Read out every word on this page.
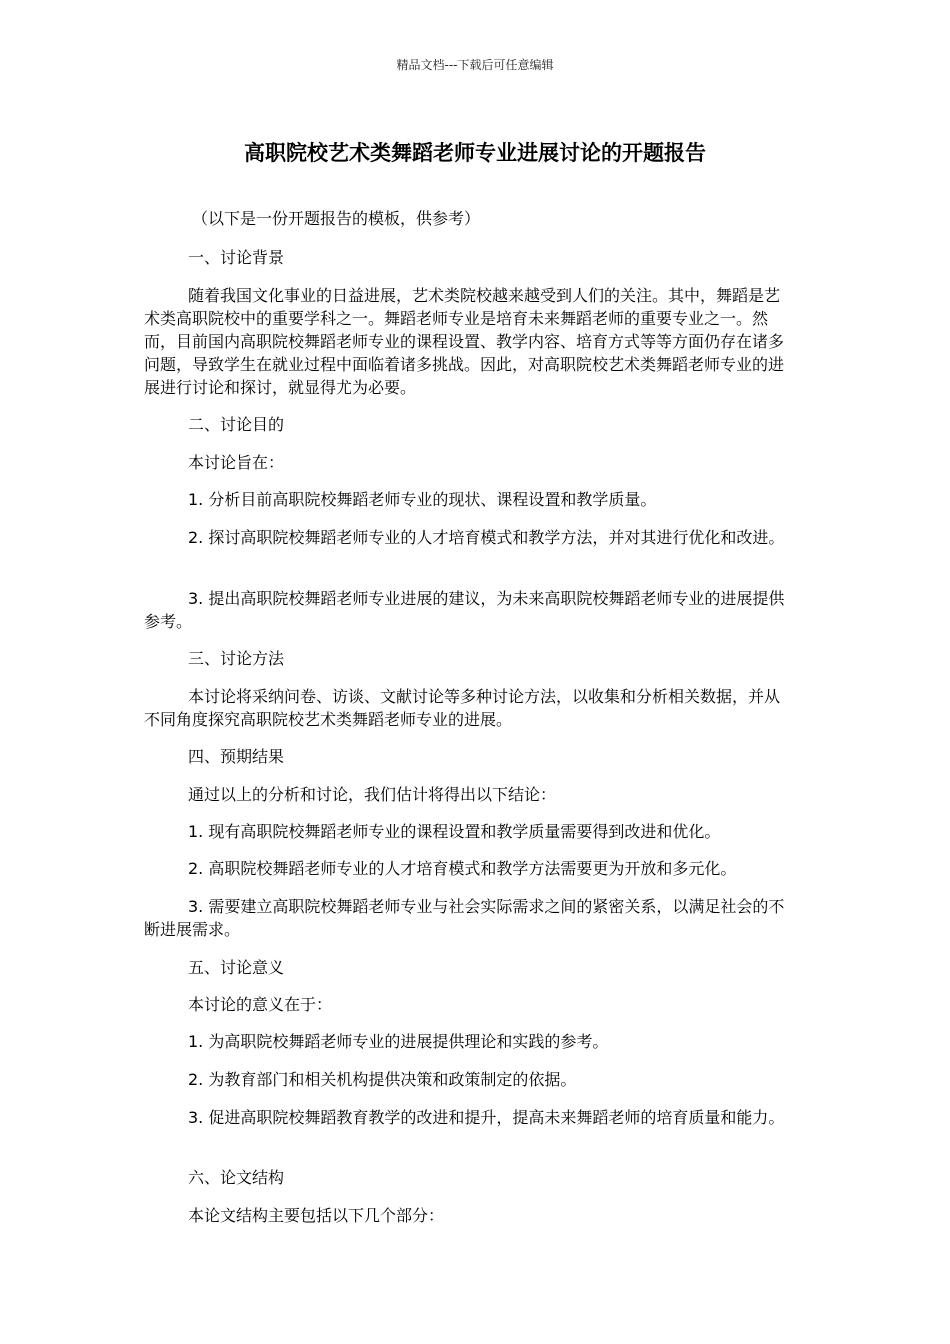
精品文档---下载后可任意编辑
高职院校艺术类舞蹈老师专业进展讨论的开题报告

（以下是一份开题报告的模板，供参考）

一、讨论背景

随着我国文化事业的日益进展，艺术类院校越来越受到人们的关注。其中，舞蹈是艺术类高职院校中的重要学科之一。舞蹈老师专业是培育未来舞蹈老师的重要专业之一。然而，目前国内高职院校舞蹈老师专业的课程设置、教学内容、培育方式等等方面仍存在诸多问题，导致学生在就业过程中面临着诸多挑战。因此，对高职院校艺术类舞蹈老师专业的进展进行讨论和探讨，就显得尤为必要。

二、讨论目的

本讨论旨在：

1. 分析目前高职院校舞蹈老师专业的现状、课程设置和教学质量。

2. 探讨高职院校舞蹈老师专业的人才培育模式和教学方法，并对其进行优化和改进。

3. 提出高职院校舞蹈老师专业进展的建议，为未来高职院校舞蹈老师专业的进展提供参考。

三、讨论方法

本讨论将采纳问卷、访谈、文献讨论等多种讨论方法，以收集和分析相关数据，并从不同角度探究高职院校艺术类舞蹈老师专业的进展。

四、预期结果

通过以上的分析和讨论，我们估计将得出以下结论：

1. 现有高职院校舞蹈老师专业的课程设置和教学质量需要得到改进和优化。

2. 高职院校舞蹈老师专业的人才培育模式和教学方法需要更为开放和多元化。

3. 需要建立高职院校舞蹈老师专业与社会实际需求之间的紧密关系，以满足社会的不断进展需求。

五、讨论意义

本讨论的意义在于：

1. 为高职院校舞蹈老师专业的进展提供理论和实践的参考。

2. 为教育部门和相关机构提供决策和政策制定的依据。

3. 促进高职院校舞蹈教育教学的改进和提升，提高未来舞蹈老师的培育质量和能力。

六、论文结构

本论文结构主要包括以下几个部分：
